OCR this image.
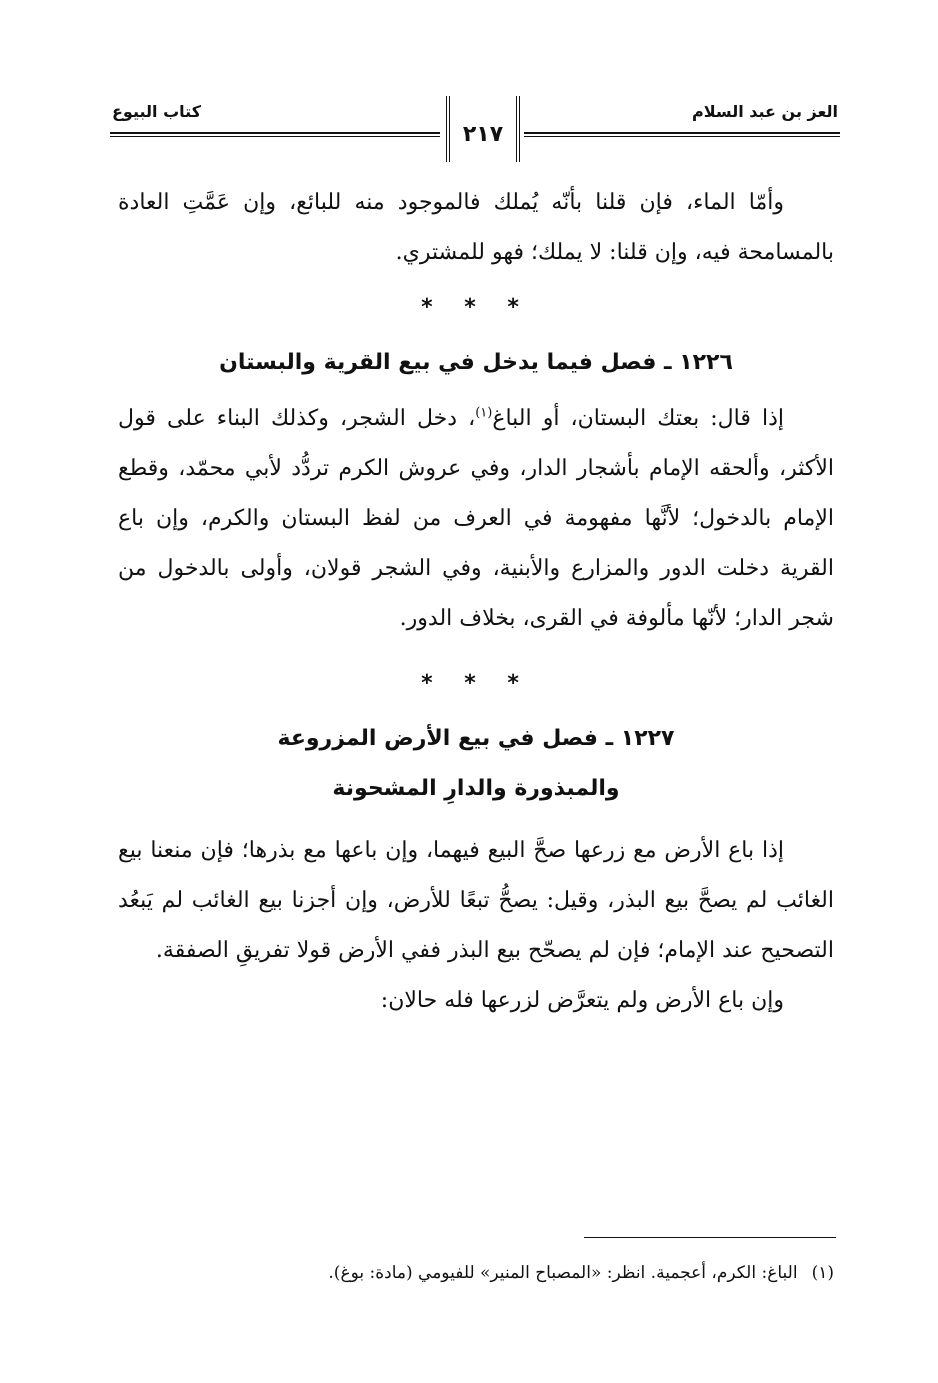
كتاب البيوع	العز بن عبد السلام
٢١٧

وأمّا الماء، فإن قلنا بأنّه يُملك فالموجود منه للبائع، وإن عَمَّتِ العادة بالمسامحة فيه، وإن قلنا: لا يملك؛ فهو للمشتري.

* * *
١٢٢٦ ـ فصل فيما يدخل في بيع القرية والبستان

إذا قال: بعتك البستان، أو الباغ$^{(١)}$، دخل الشجر، وكذلك البناء على قول الأكثر، وألحقه الإمام بأشجار الدار، وفي عروش الكرم تردُّد لأبي محمّد، وقطع الإمام بالدخول؛ لأنَّها مفهومة في العرف من لفظ البستان والكرم، وإن باع القرية دخلت الدور والمزارع والأبنية، وفي الشجر قولان، وأولى بالدخول من شجر الدار؛ لأنّها مألوفة في القرى، بخلاف الدور.

* * *
١٢٢٧ ـ فصل في بيع الأرض المزروعة
والمبذورة والدارِ المشحونة

إذا باع الأرض مع زرعها صحَّ البيع فيهما، وإن باعها مع بذرها؛ فإن منعنا بيع الغائب لم يصحَّ بيع البذر، وقيل: يصحُّ تبعًا للأرض، وإن أجزنا بيع الغائب لم يَبعُد التصحيح عند الإمام؛ فإن لم يصحّح بيع البذر ففي الأرض قولا تفريقِ الصفقة.

وإن باع الأرض ولم يتعرَّض لزرعها فله حالان:

(١)الباغ: الكرم، أعجمية. انظر: «المصباح المنير» للفيومي (مادة: بوغ).
